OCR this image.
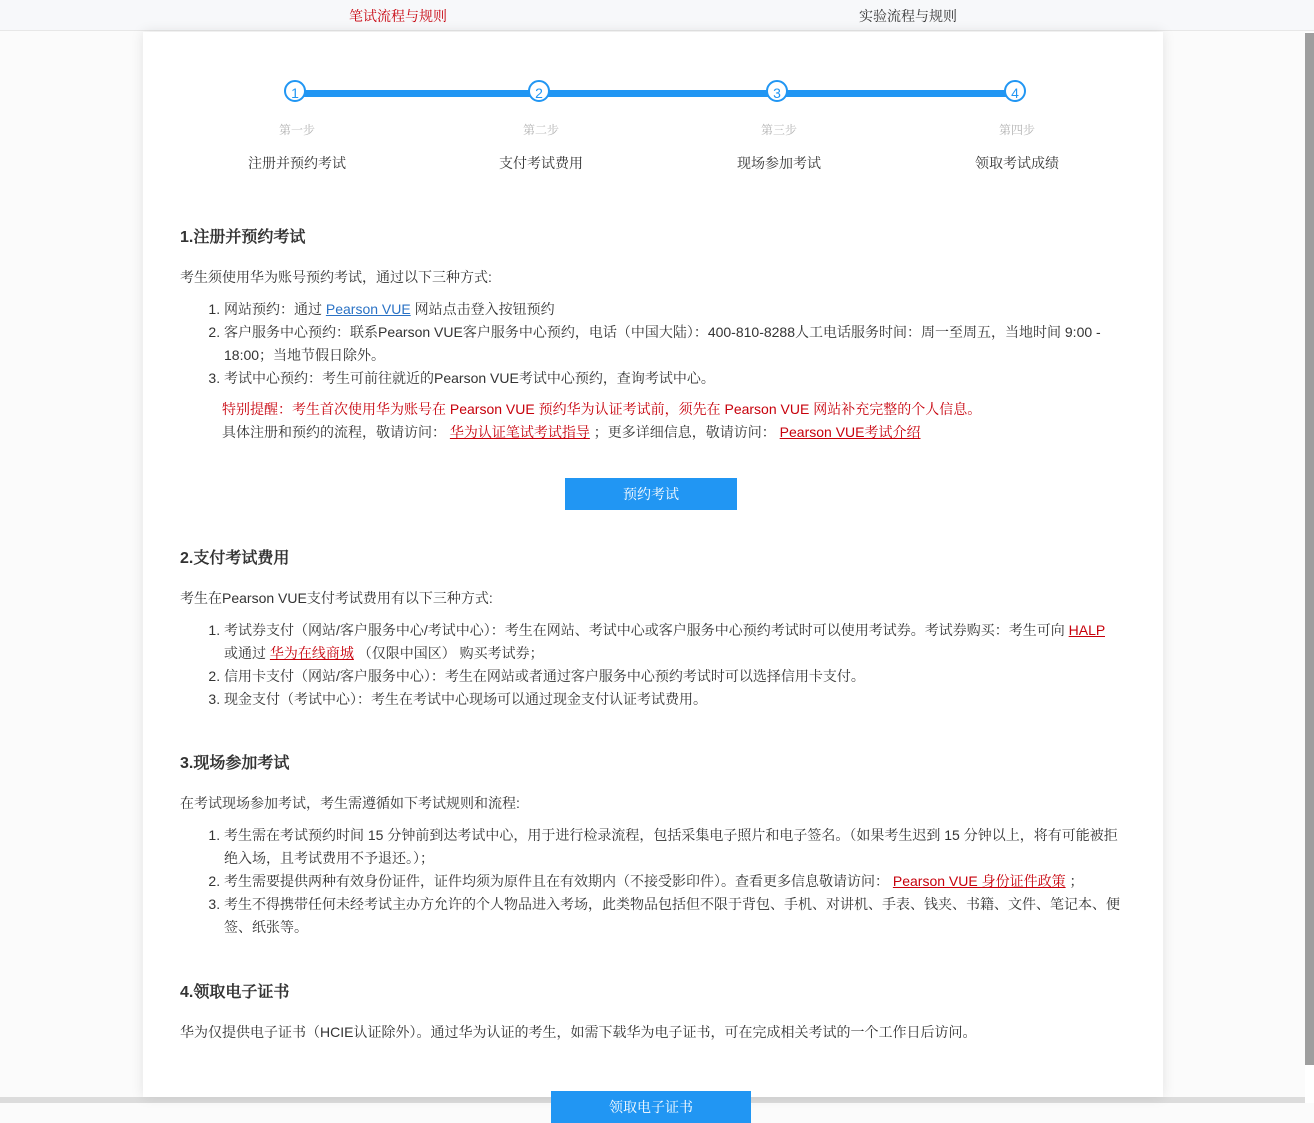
笔试流程与规则	实验流程与规则
1	2	3	4
第一步	第二步	第三步	第四步
注册并预约考试	支付考试费用	现场参加考试	领取考试成绩
1.注册并预约考试
考生须使用华为账号预约考试，通过以下三种方式:
1. 网站预约：通过 Pearson VUE 网站点击登入按钮预约
2. 客户服务中心预约：联系Pearson VUE客户服务中心预约，电话（中国大陆）：400-810-8288人工电话服务时间：周一至周五，当地时间 9:00 - 18:00；当地节假日除外。
3. 考试中心预约：考生可前往就近的Pearson VUE考试中心预约，查询考试中心。
特别提醒：考生首次使用华为账号在 Pearson VUE 预约华为认证考试前，须先在 Pearson VUE 网站补充完整的个人信息。
具体注册和预约的流程，敬请访问： 华为认证笔试考试指导 ；更多详细信息，敬请访问： Pearson VUE考试介绍
预约考试
2.支付考试费用
考生在Pearson VUE支付考试费用有以下三种方式:
1. 考试券支付（网站/客户服务中心/考试中心）：考生在网站、考试中心或客户服务中心预约考试时可以使用考试券。考试券购买：考生可向 HALP 或通过 华为在线商城 （仅限中国区） 购买考试券；
2. 信用卡支付（网站/客户服务中心）：考生在网站或者通过客户服务中心预约考试时可以选择信用卡支付。
3. 现金支付（考试中心）：考生在考试中心现场可以通过现金支付认证考试费用。
3.现场参加考试
在考试现场参加考试，考生需遵循如下考试规则和流程:
1. 考生需在考试预约时间 15 分钟前到达考试中心，用于进行检录流程，包括采集电子照片和电子签名。（如果考生迟到 15 分钟以上，将有可能被拒绝入场，且考试费用不予退还。）；
2. 考生需要提供两种有效身份证件，证件均须为原件且在有效期内（不接受影印件）。查看更多信息敬请访问： Pearson VUE 身份证件政策 ；
3. 考生不得携带任何未经考试主办方允许的个人物品进入考场，此类物品包括但不限于背包、手机、对讲机、手表、钱夹、书籍、文件、笔记本、便签、纸张等。
4.领取电子证书
华为仅提供电子证书（HCIE认证除外）。通过华为认证的考生，如需下载华为电子证书，可在完成相关考试的一个工作日后访问。
领取电子证书
